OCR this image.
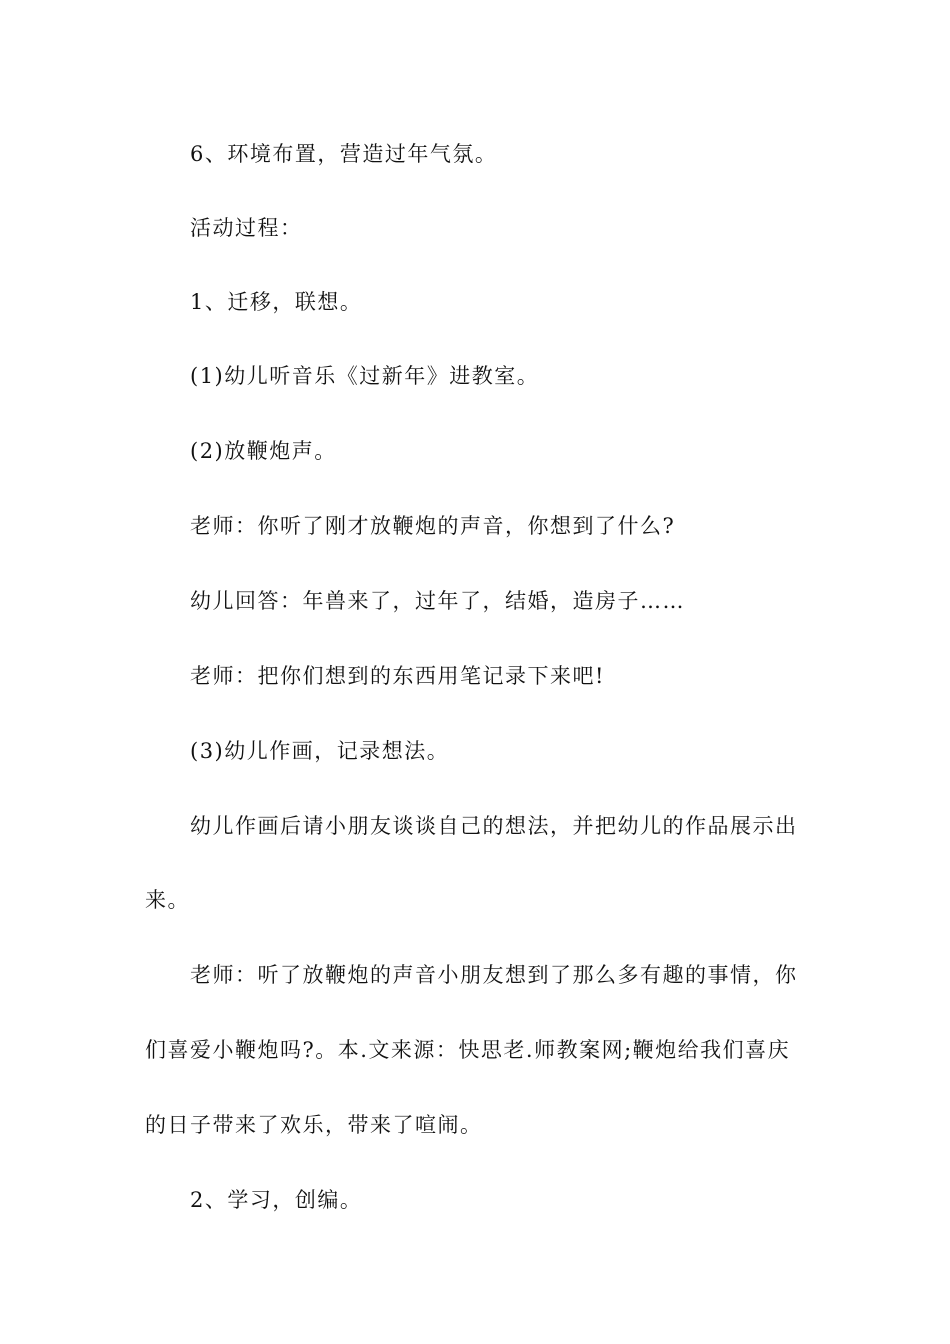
6、环境布置，营造过年气氛。
活动过程：
1、迁移，联想。
(1)幼儿听音乐《过新年》进教室。
(2)放鞭炮声。
老师：你听了刚才放鞭炮的声音，你想到了什么?
幼儿回答：年兽来了，过年了，结婚，造房子……
老师：把你们想到的东西用笔记录下来吧!
(3)幼儿作画，记录想法。
幼儿作画后请小朋友谈谈自己的想法，并把幼儿的作品展示出
来。
老师：听了放鞭炮的声音小朋友想到了那么多有趣的事情，你
们喜爱小鞭炮吗?。本.文来源：快思老.师教案网;鞭炮给我们喜庆
的日子带来了欢乐，带来了喧闹。
2、学习，创编。
